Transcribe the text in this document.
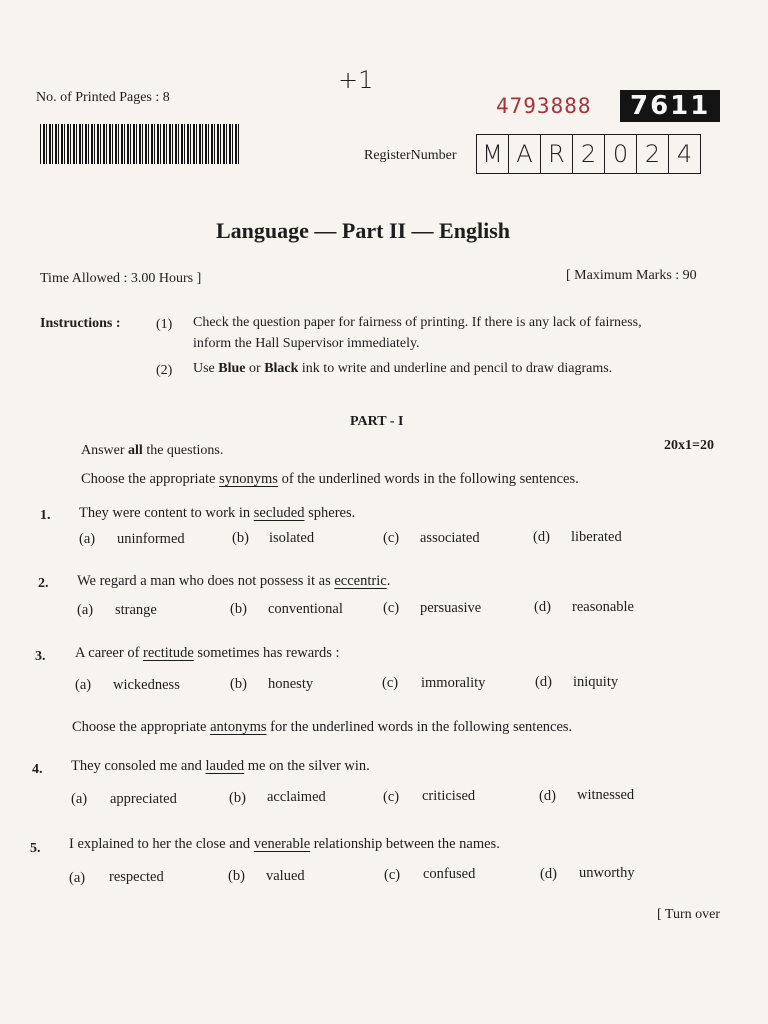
No. of Printed Pages : 8
+1
4793888	7611
RegisterNumber M A R 2 0 2 4
Language — Part II — English
Time Allowed : 3.00 Hours ]	[ Maximum Marks : 90
Instructions :	(1) Check the question paper for fairness of printing. If there is any lack of fairness,
inform the Hall Supervisor immediately.
(2) Use Blue or Black ink to write and underline and pencil to draw diagrams.
PART - I
Answer all the questions.	20x1=20
Choose the appropriate synonyms of the underlined words in the following sentences.
1. They were content to work in secluded spheres.
(a) uninformed	(b) isolated	(c) associated	(d) liberated
2. We regard a man who does not possess it as eccentric.
(a) strange	(b) conventional	(c) persuasive	(d) reasonable
3. A career of rectitude sometimes has rewards :
(a) wickedness	(b) honesty	(c) immorality	(d) iniquity
Choose the appropriate antonyms for the underlined words in the following sentences.
4. They consoled me and lauded me on the silver win.
(a) appreciated	(b) acclaimed	(c) criticised	(d) witnessed
5. I explained to her the close and venerable relationship between the names.
(a) respected	(b) valued	(c) confused	(d) unworthy
[ Turn over
